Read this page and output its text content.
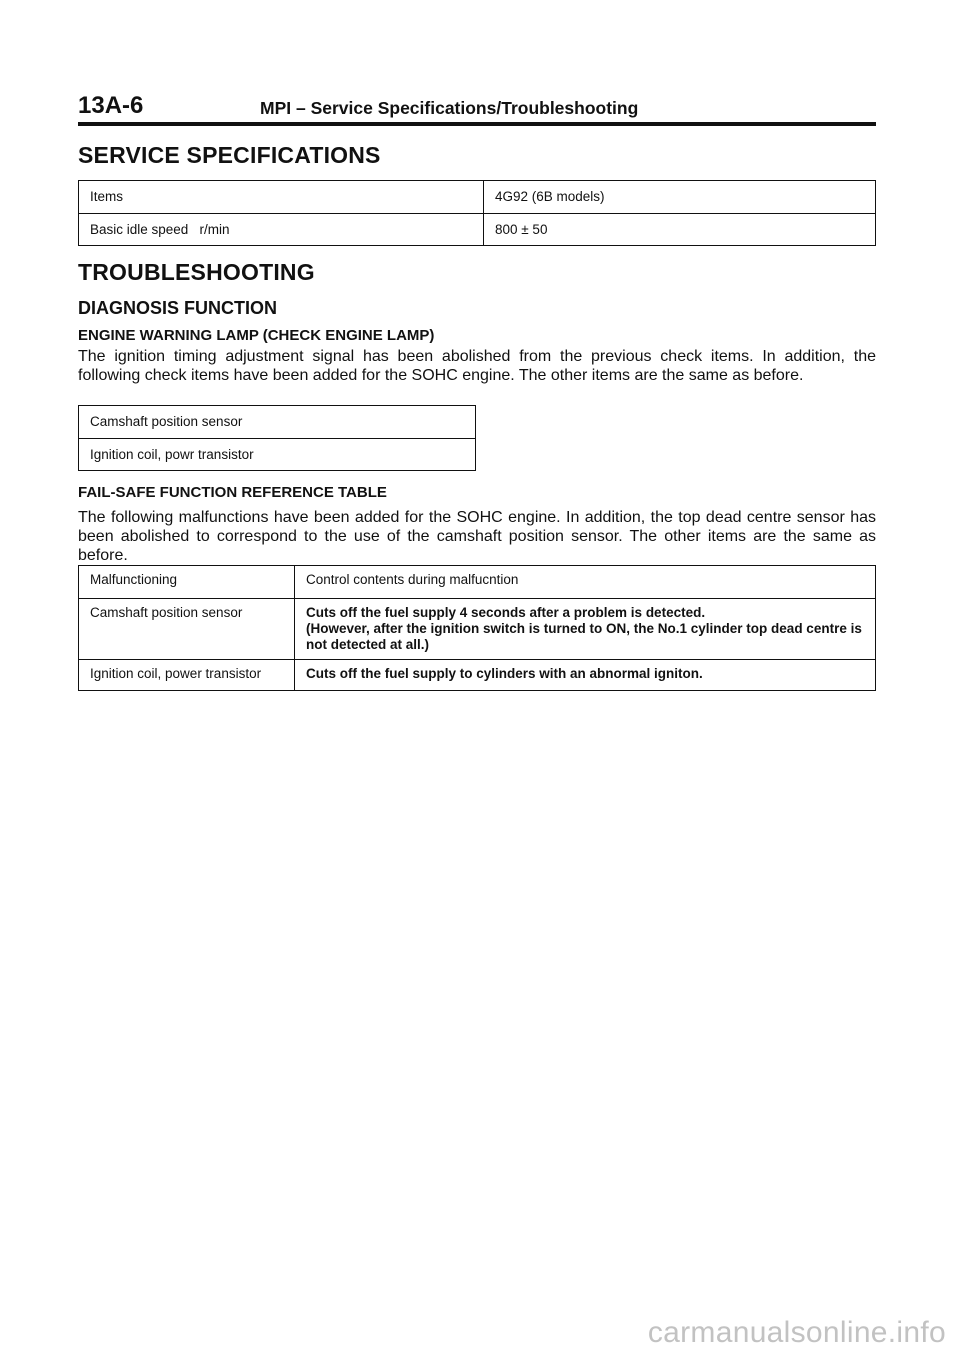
13A-6	MPI – Service Specifications/Troubleshooting
SERVICE SPECIFICATIONS
Items	4G92 (6B models)
Basic idle speed   r/min	800 ± 50
TROUBLESHOOTING
DIAGNOSIS FUNCTION
ENGINE WARNING LAMP (CHECK ENGINE LAMP)
The ignition timing adjustment signal has been abolished from the previous check items. In addition, the following check items have been added for the SOHC engine. The other items are the same as before.
Camshaft position sensor
Ignition coil, powr transistor
FAIL-SAFE FUNCTION REFERENCE TABLE
The following malfunctions have been added for the SOHC engine. In addition, the top dead centre sensor has been abolished to correspond to the use of the camshaft position sensor. The other items are the same as before.
Malfunctioning	Control contents during malfucntion
Camshaft position sensor	Cuts off the fuel supply 4 seconds after a problem is detected.
(However, after the ignition switch is turned to ON, the No.1 cylinder top dead centre is not detected at all.)
Ignition coil, power transistor	Cuts off the fuel supply to cylinders with an abnormal igniton.
carmanualsonline.info
